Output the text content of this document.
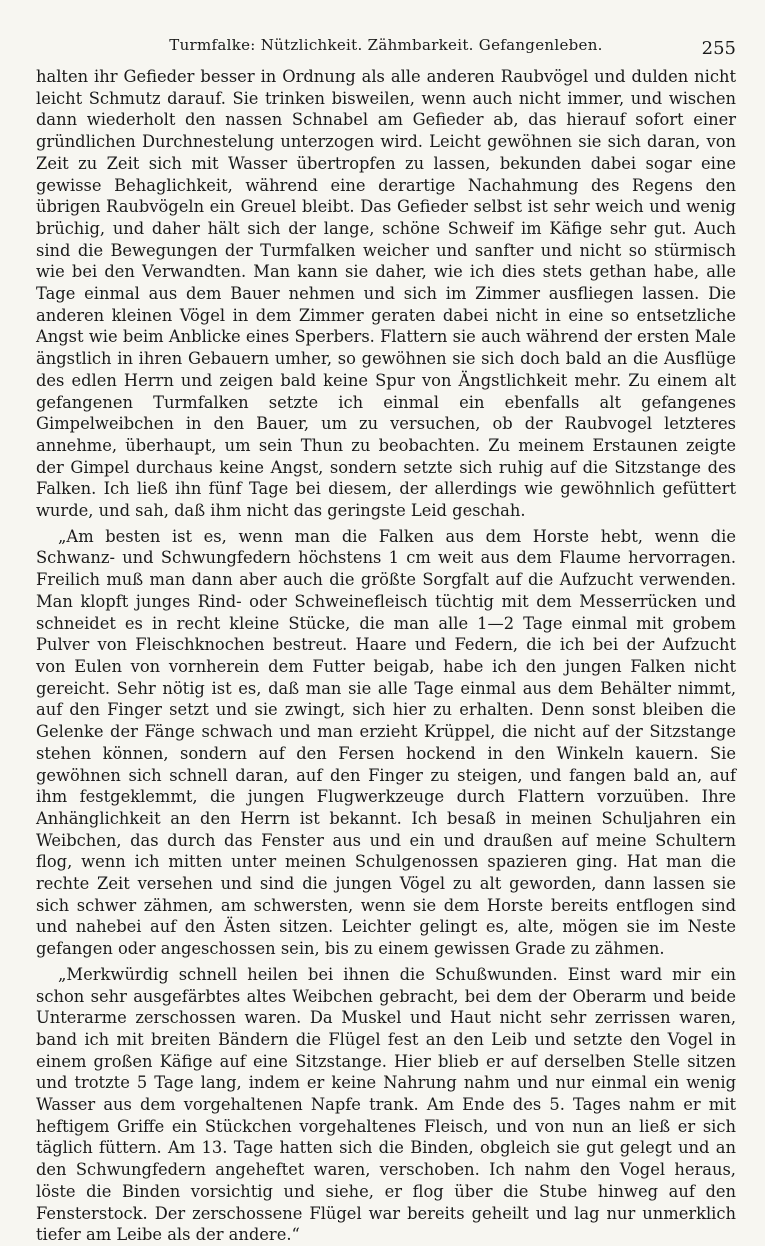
Turmfalke: Nützlichkeit. Zähmbarkeit. Gefangenleben.	255

halten ihr Gefieder besser in Ordnung als alle anderen Raubvögel und dulden nicht leicht Schmutz darauf. Sie trinken bisweilen, wenn auch nicht immer, und wischen dann wiederholt den nassen Schnabel am Gefieder ab, das hierauf sofort einer gründlichen Durchnestelung unterzogen wird. Leicht gewöhnen sie sich daran, von Zeit zu Zeit sich mit Wasser übertropfen zu lassen, bekunden dabei sogar eine gewisse Behaglichkeit, während eine derartige Nachahmung des Regens den übrigen Raubvögeln ein Greuel bleibt. Das Gefieder selbst ist sehr weich und wenig brüchig, und daher hält sich der lange, schöne Schweif im Käfige sehr gut. Auch sind die Bewegungen der Turmfalken weicher und sanfter und nicht so stürmisch wie bei den Verwandten. Man kann sie daher, wie ich dies stets gethan habe, alle Tage einmal aus dem Bauer nehmen und sich im Zimmer ausfliegen lassen. Die anderen kleinen Vögel in dem Zimmer geraten dabei nicht in eine so entsetzliche Angst wie beim Anblicke eines Sperbers. Flattern sie auch während der ersten Male ängstlich in ihren Gebauern umher, so gewöhnen sie sich doch bald an die Ausflüge des edlen Herrn und zeigen bald keine Spur von Ängstlichkeit mehr. Zu einem alt gefangenen Turmfalken setzte ich einmal ein ebenfalls alt gefangenes Gimpelweibchen in den Bauer, um zu versuchen, ob der Raubvogel letzteres annehme, überhaupt, um sein Thun zu beobachten. Zu meinem Erstaunen zeigte der Gimpel durchaus keine Angst, sondern setzte sich ruhig auf die Sitzstange des Falken. Ich ließ ihn fünf Tage bei diesem, der allerdings wie gewöhnlich gefüttert wurde, und sah, daß ihm nicht das geringste Leid geschah.

„Am besten ist es, wenn man die Falken aus dem Horste hebt, wenn die Schwanz- und Schwungfedern höchstens 1 cm weit aus dem Flaume hervorragen. Freilich muß man dann aber auch die größte Sorgfalt auf die Aufzucht verwenden. Man klopft junges Rind- oder Schweinefleisch tüchtig mit dem Messerrücken und schneidet es in recht kleine Stücke, die man alle 1—2 Tage einmal mit grobem Pulver von Fleischknochen bestreut. Haare und Federn, die ich bei der Aufzucht von Eulen von vornherein dem Futter beigab, habe ich den jungen Falken nicht gereicht. Sehr nötig ist es, daß man sie alle Tage einmal aus dem Behälter nimmt, auf den Finger setzt und sie zwingt, sich hier zu erhalten. Denn sonst bleiben die Gelenke der Fänge schwach und man erzieht Krüppel, die nicht auf der Sitzstange stehen können, sondern auf den Fersen hockend in den Winkeln kauern. Sie gewöhnen sich schnell daran, auf den Finger zu steigen, und fangen bald an, auf ihm festgeklemmt, die jungen Flugwerkzeuge durch Flattern vorzuüben. Ihre Anhänglichkeit an den Herrn ist bekannt. Ich besaß in meinen Schuljahren ein Weibchen, das durch das Fenster aus und ein und draußen auf meine Schultern flog, wenn ich mitten unter meinen Schulgenossen spazieren ging. Hat man die rechte Zeit versehen und sind die jungen Vögel zu alt geworden, dann lassen sie sich schwer zähmen, am schwersten, wenn sie dem Horste bereits entflogen sind und nahebei auf den Ästen sitzen. Leichter gelingt es, alte, mögen sie im Neste gefangen oder angeschossen sein, bis zu einem gewissen Grade zu zähmen.

„Merkwürdig schnell heilen bei ihnen die Schußwunden. Einst ward mir ein schon sehr ausgefärbtes altes Weibchen gebracht, bei dem der Oberarm und beide Unterarme zerschossen waren. Da Muskel und Haut nicht sehr zerrissen waren, band ich mit breiten Bändern die Flügel fest an den Leib und setzte den Vogel in einem großen Käfige auf eine Sitzstange. Hier blieb er auf derselben Stelle sitzen und trotzte 5 Tage lang, indem er keine Nahrung nahm und nur einmal ein wenig Wasser aus dem vorgehaltenen Napfe trank. Am Ende des 5. Tages nahm er mit heftigem Griffe ein Stückchen vorgehaltenes Fleisch, und von nun an ließ er sich täglich füttern. Am 13. Tage hatten sich die Binden, obgleich sie gut gelegt und an den Schwungfedern angeheftet waren, verschoben. Ich nahm den Vogel heraus, löste die Binden vorsichtig und siehe, er flog über die Stube hinweg auf den Fensterstock. Der zerschossene Flügel war bereits geheilt und lag nur unmerklich tiefer am Leibe als der andere.“
